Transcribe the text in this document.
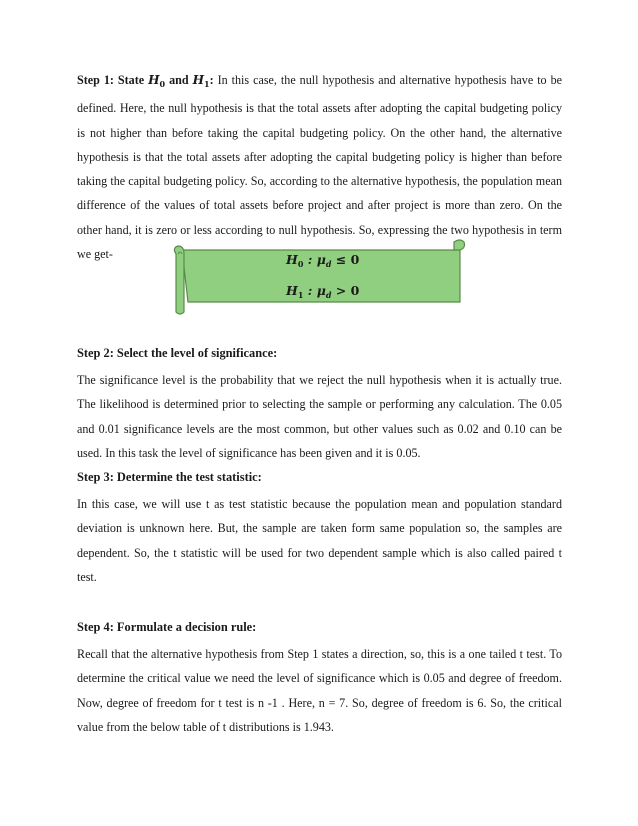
Step 1: State $H_0$ and $H_1$: In this case, the null hypothesis and alternative hypothesis have to be defined. Here, the null hypothesis is that the total assets after adopting the capital budgeting policy is not higher than before taking the capital budgeting policy. On the other hand, the alternative hypothesis is that the total assets after adopting the capital budgeting policy is higher than before taking the capital budgeting policy. So, according to the alternative hypothesis, the population mean difference of the values of total assets before project and after project is more than zero. On the other hand, it is zero or less according to null hypothesis. So, expressing the two hypothesis in term we get-	$H_0$ : $\mu_d \le 0$
$H_1$ : $\mu_d > 0$

Step 2: Select the level of significance:

The significance level is the probability that we reject the null hypothesis when it is actually true. The likelihood is determined prior to selecting the sample or performing any calculation. The 0.05 and 0.01 significance levels are the most common, but other values such as 0.02 and 0.10 can be used. In this task the level of significance has been given and it is 0.05.

Step 3: Determine the test statistic:

In this case, we will use t as test statistic because the population mean and population standard deviation is unknown here. But, the sample are taken form same population so, the samples are dependent. So, the t statistic will be used for two dependent sample which is also called paired t test.

Step 4: Formulate a decision rule:

Recall that the alternative hypothesis from Step 1 states a direction, so, this is a one tailed t test. To determine the critical value we need the level of significance which is 0.05 and degree of freedom. Now, degree of freedom for t test is n -1 . Here, n = 7. So, degree of freedom is 6. So, the critical value from the below table of t distributions is 1.943.
